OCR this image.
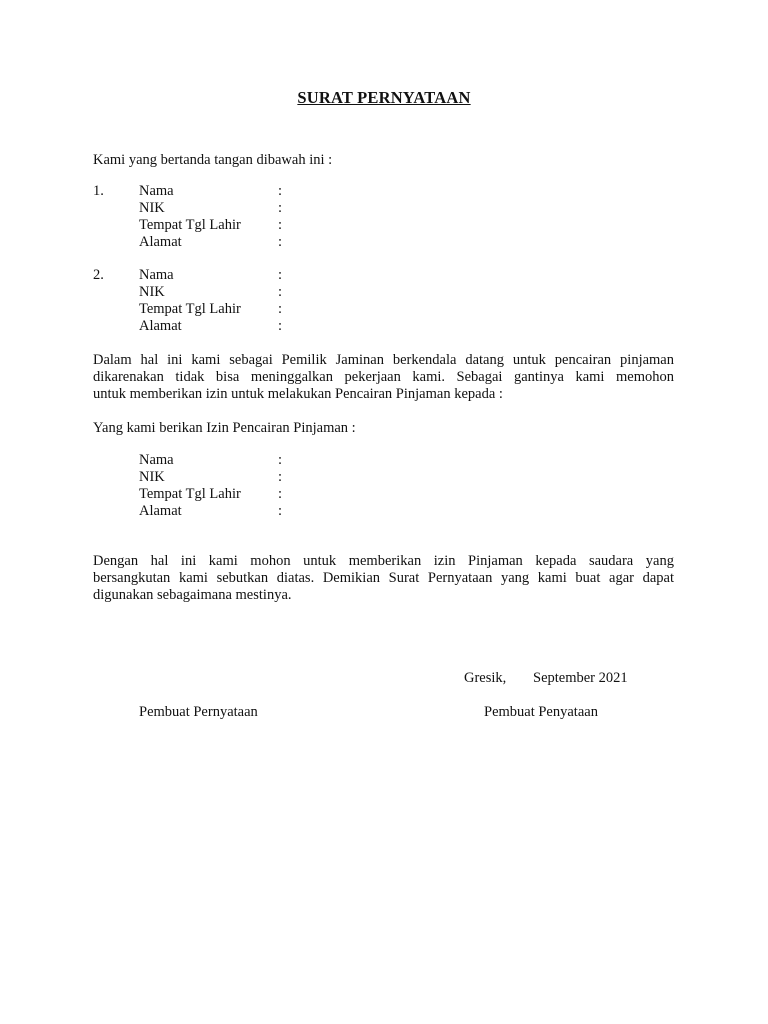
SURAT PERNYATAAN
Kami yang bertanda tangan dibawah ini :
1. Nama	:
NIK	:
Tempat Tgl Lahir	:
Alamat	:
2. Nama	:
NIK	:
Tempat Tgl Lahir	:
Alamat	:
Dalam hal ini kami sebagai Pemilik Jaminan berkendala datang untuk pencairan pinjaman
dikarenakan tidak bisa meninggalkan pekerjaan kami. Sebagai gantinya kami memohon
untuk memberikan izin untuk melakukan Pencairan Pinjaman kepada :
Yang kami berikan Izin Pencairan Pinjaman :
Nama	:
NIK	:
Tempat Tgl Lahir	:
Alamat	:
Dengan hal ini kami mohon untuk memberikan izin Pinjaman kepada saudara yang
bersangkutan kami sebutkan diatas. Demikian Surat Pernyataan yang kami buat agar dapat
digunakan sebagaimana mestinya.
Gresik, September 2021
Pembuat Pernyataan	Pembuat Penyataan
